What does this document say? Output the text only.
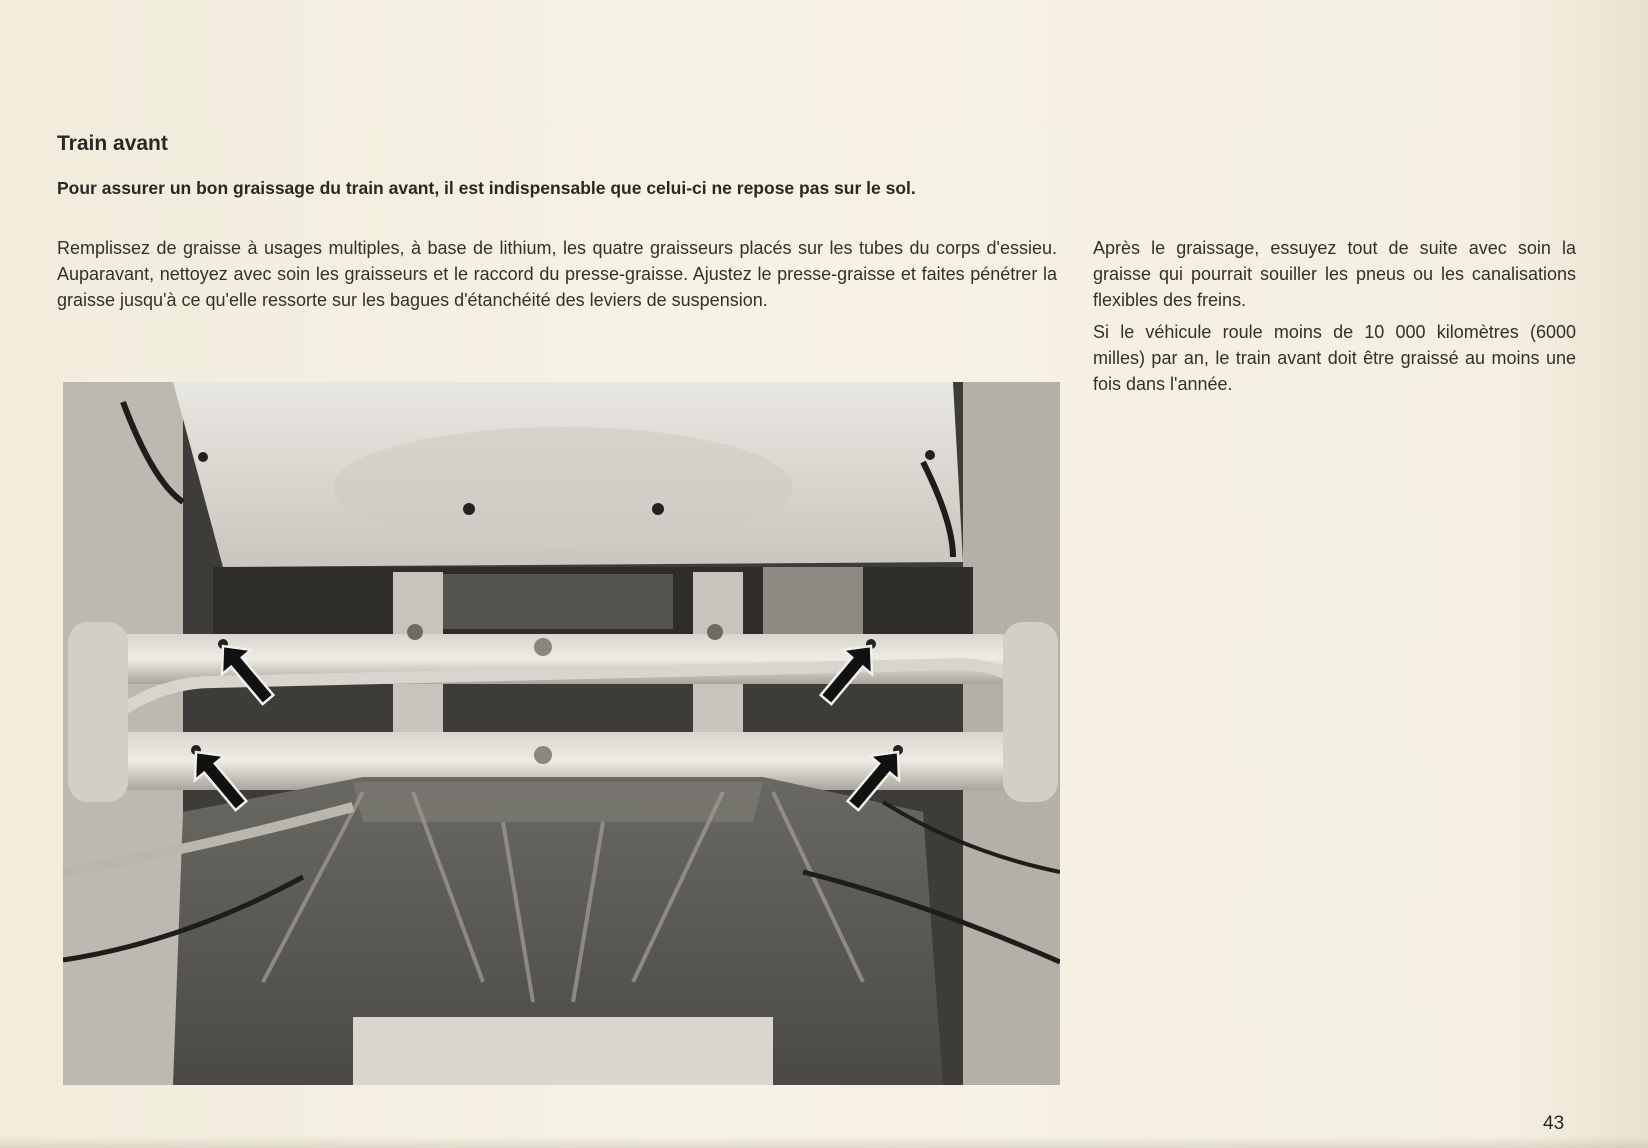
Train avant
Pour assurer un bon graissage du train avant, il est indispensable que celui-ci ne repose pas sur le sol.
Remplissez de graisse à usages multiples, à base de lithium, les quatre graisseurs placés sur les tubes du corps d'essieu. Auparavant, nettoyez avec soin les graisseurs et le raccord du presse-graisse. Ajustez le presse-graisse et faites pénétrer la graisse jusqu'à ce qu'elle ressorte sur les bagues d'étanchéité des leviers de suspension.

Après le graissage, essuyez tout de suite avec soin la graisse qui pourrait souiller les pneus ou les canalisations flexibles des freins.

Si le véhicule roule moins de 10 000 kilomètres (6000 milles) par an, le train avant doit être graissé au moins une fois dans l'année.

43
